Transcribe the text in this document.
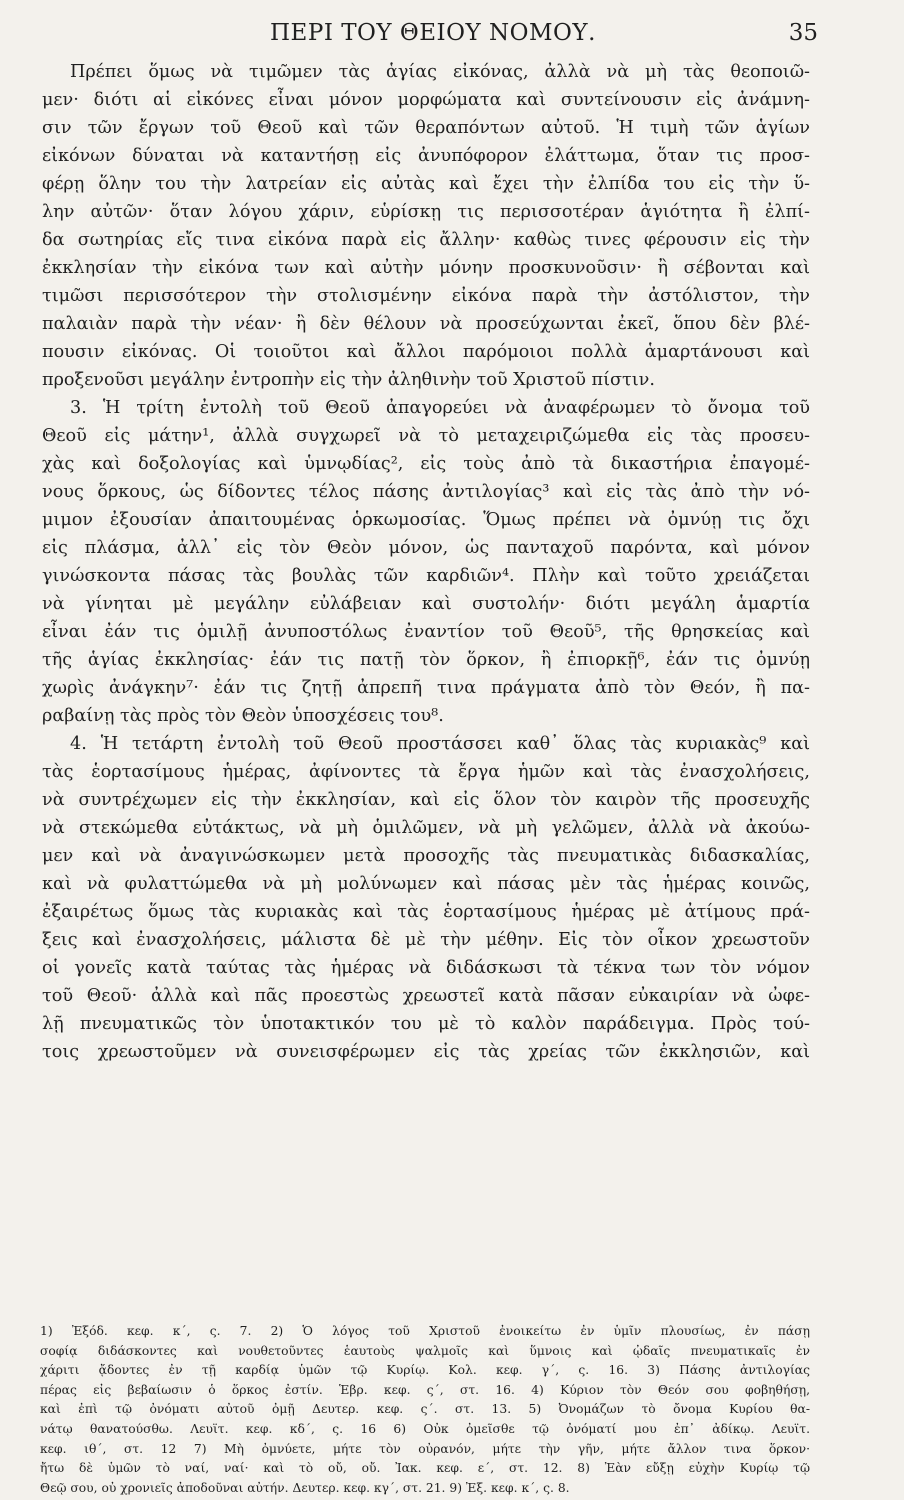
ΠΕΡΙ ΤΟΥ ΘΕΙΟΥ ΝΟΜΟΥ.	35
Πρέπει ὅμως νὰ τιμῶμεν τὰς ἁγίας εἰκόνας, ἀλλὰ νὰ μὴ τὰς θεοποιῶ-
μεν· διότι αἱ εἰκόνες εἶναι μόνον μορφώματα καὶ συντείνουσιν εἰς ἀνάμνη-
σιν τῶν ἔργων τοῦ Θεοῦ καὶ τῶν θεραπόντων αὐτοῦ. Ἡ τιμὴ τῶν ἁγίων
εἰκόνων δύναται νὰ καταντήσῃ εἰς ἀνυπόφορον ἐλάττωμα, ὅταν τις προσ-
φέρῃ ὅλην του τὴν λατρείαν εἰς αὐτὰς καὶ ἔχει τὴν ἐλπίδα του εἰς τὴν ὕ-
λην αὐτῶν· ὅταν λόγου χάριν, εὑρίσκῃ τις περισσοτέραν ἁγιότητα ἢ ἐλπί-
δα σωτηρίας εἴς τινα εἰκόνα παρὰ εἰς ἄλλην· καθὼς τινες φέρουσιν εἰς τὴν
ἐκκλησίαν τὴν εἰκόνα των καὶ αὐτὴν μόνην προσκυνοῦσιν· ἢ σέβονται καὶ
τιμῶσι περισσότερον τὴν στολισμένην εἰκόνα παρὰ τὴν ἀστόλιστον, τὴν
παλαιὰν παρὰ τὴν νέαν· ἢ δὲν θέλουν νὰ προσεύχωνται ἐκεῖ, ὅπου δὲν βλέ-
πουσιν εἰκόνας. Οἱ τοιοῦτοι καὶ ἄλλοι παρόμοιοι πολλὰ ἁμαρτάνουσι καὶ
προξενοῦσι μεγάλην ἐντροπὴν εἰς τὴν ἀληθινὴν τοῦ Χριστοῦ πίστιν.
3. Ἡ τρίτη ἐντολὴ τοῦ Θεοῦ ἀπαγορεύει νὰ ἀναφέρωμεν τὸ ὄνομα τοῦ
Θεοῦ εἰς μάτην¹, ἀλλὰ συγχωρεῖ νὰ τὸ μεταχειριζώμεθα εἰς τὰς προσευ-
χὰς καὶ δοξολογίας καὶ ὑμνῳδίας², εἰς τοὺς ἀπὸ τὰ δικαστήρια ἐπαγομέ-
νους ὅρκους, ὡς δίδοντες τέλος πάσης ἀντιλογίας³ καὶ εἰς τὰς ἀπὸ τὴν νό-
μιμον ἐξουσίαν ἀπαιτουμένας ὁρκωμοσίας. Ὅμως πρέπει νὰ ὀμνύῃ τις ὄχι
εἰς πλάσμα, ἀλλ᾽ εἰς τὸν Θεὸν μόνον, ὡς πανταχοῦ παρόντα, καὶ μόνον
γινώσκοντα πάσας τὰς βουλὰς τῶν καρδιῶν⁴. Πλὴν καὶ τοῦτο χρειάζεται
νὰ γίνηται μὲ μεγάλην εὐλάβειαν καὶ συστολήν· διότι μεγάλη ἁμαρτία
εἶναι ἐάν τις ὁμιλῇ ἀνυποστόλως ἐναντίον τοῦ Θεοῦ⁵, τῆς θρησκείας καὶ
τῆς ἁγίας ἐκκλησίας· ἐάν τις πατῇ τὸν ὅρκον, ἢ ἐπιορκῇ⁶, ἐάν τις ὀμνύῃ
χωρὶς ἀνάγκην⁷· ἐάν τις ζητῇ ἀπρεπῆ τινα πράγματα ἀπὸ τὸν Θεόν, ἢ πα-
ραβαίνῃ τὰς πρὸς τὸν Θεὸν ὑποσχέσεις του⁸.
4. Ἡ τετάρτη ἐντολὴ τοῦ Θεοῦ προστάσσει καθ᾽ ὅλας τὰς κυριακὰς⁹ καὶ
τὰς ἑορτασίμους ἡμέρας, ἀφίνοντες τὰ ἔργα ἡμῶν καὶ τὰς ἐνασχολήσεις,
νὰ συντρέχωμεν εἰς τὴν ἐκκλησίαν, καὶ εἰς ὅλον τὸν καιρὸν τῆς προσευχῆς
νὰ στεκώμεθα εὐτάκτως, νὰ μὴ ὁμιλῶμεν, νὰ μὴ γελῶμεν, ἀλλὰ νὰ ἀκούω-
μεν καὶ νὰ ἀναγινώσκωμεν μετὰ προσοχῆς τὰς πνευματικὰς διδασκαλίας,
καὶ νὰ φυλαττώμεθα νὰ μὴ μολύνωμεν καὶ πάσας μὲν τὰς ἡμέρας κοινῶς,
ἐξαιρέτως ὅμως τὰς κυριακὰς καὶ τὰς ἑορτασίμους ἡμέρας μὲ ἀτίμους πρά-
ξεις καὶ ἐνασχολήσεις, μάλιστα δὲ μὲ τὴν μέθην. Εἰς τὸν οἶκον χρεωστοῦν
οἱ γονεῖς κατὰ ταύτας τὰς ἡμέρας νὰ διδάσκωσι τὰ τέκνα των τὸν νόμον
τοῦ Θεοῦ· ἀλλὰ καὶ πᾶς προεστὼς χρεωστεῖ κατὰ πᾶσαν εὐκαιρίαν νὰ ὠφε-
λῇ πνευματικῶς τὸν ὑποτακτικόν του μὲ τὸ καλὸν παράδειγμα. Πρὸς τού-
τοις χρεωστοῦμεν νὰ συνεισφέρωμεν εἰς τὰς χρείας τῶν ἐκκλησιῶν, καὶ
1) Ἐξόδ. κεφ. κ΄, ς. 7. 2) Ὁ λόγος τοῦ Χριστοῦ ἐνοικείτω ἐν ὑμῖν πλουσίως, ἐν πάσῃ
σοφίᾳ διδάσκοντες καὶ νουθετοῦντες ἑαυτοὺς ψαλμοῖς καὶ ὕμνοις καὶ ᾠδαῖς πνευματικαῖς ἐν
χάριτι ᾄδοντες ἐν τῇ καρδίᾳ ὑμῶν τῷ Κυρίῳ. Κολ. κεφ. γ΄, ς. 16. 3) Πάσης ἀντιλογίας
πέρας εἰς βεβαίωσιν ὁ ὅρκος ἐστίν. Ἑβρ. κεφ. ς΄, στ. 16. 4) Κύριον τὸν Θεόν σου φοβηθήσῃ,
καὶ ἐπὶ τῷ ὀνόματι αὐτοῦ ὀμῇ Δευτερ. κεφ. ς΄. στ. 13. 5) Ὀνομάζων τὸ ὄνομα Κυρίου θα-
νάτῳ θανατούσθω. Λευϊτ. κεφ. κδ΄, ς. 16 6) Οὐκ ὀμεῖσθε τῷ ὀνόματί μου ἐπ᾽ ἀδίκῳ. Λευϊτ.
κεφ. ιθ΄, στ. 12 7) Μὴ ὀμνύετε, μήτε τὸν οὐρανόν, μήτε τὴν γῆν, μήτε ἄλλον τινα ὅρκον·
ἤτω δὲ ὑμῶν τὸ ναί, ναί· καὶ τὸ οὔ, οὔ. Ἰακ. κεφ. ε΄, στ. 12. 8) Ἐὰν εὔξῃ εὐχὴν Κυρίῳ τῷ
Θεῷ σου, οὐ χρονιεῖς ἀποδοῦναι αὐτήν. Δευτερ. κεφ. κγ΄, στ. 21. 9) Ἐξ. κεφ. κ΄, ς. 8.
